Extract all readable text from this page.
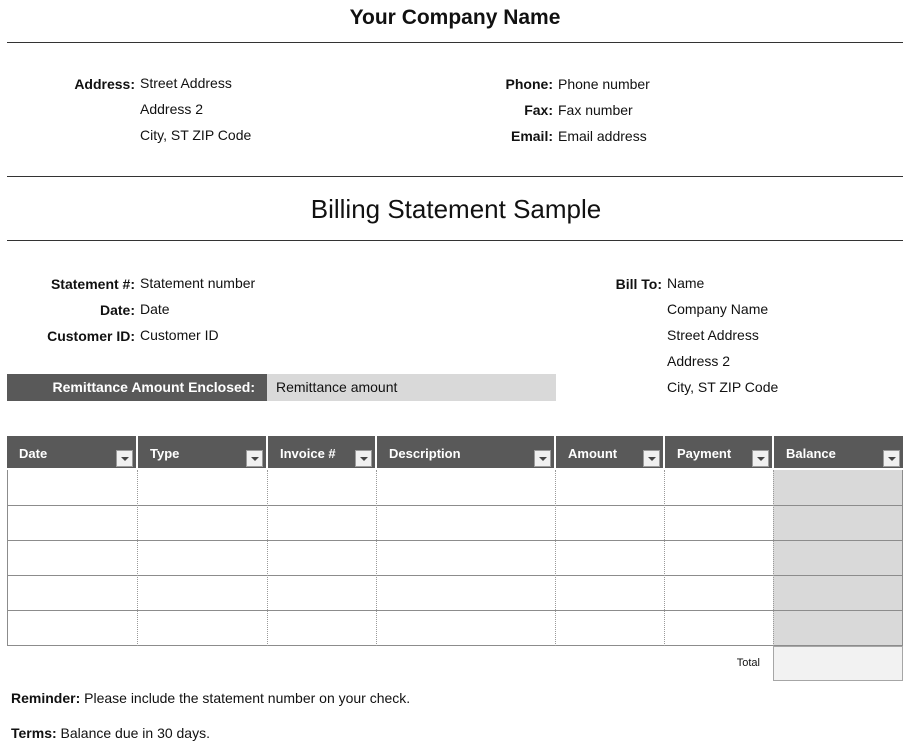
Your Company Name
Address: Street Address
Address 2
City, ST ZIP Code
Phone: Phone number
Fax: Fax number
Email: Email address
Billing Statement Sample
Statement #: Statement number
Date: Date
Customer ID: Customer ID
Bill To: Name
Company Name
Street Address
Address 2
City, ST ZIP Code
Remittance Amount Enclosed:	Remittance amount
Date	Type	Invoice #	Description	Amount	Payment	Balance
Total
Reminder: Please include the statement number on your check.
Terms: Balance due in 30 days.
